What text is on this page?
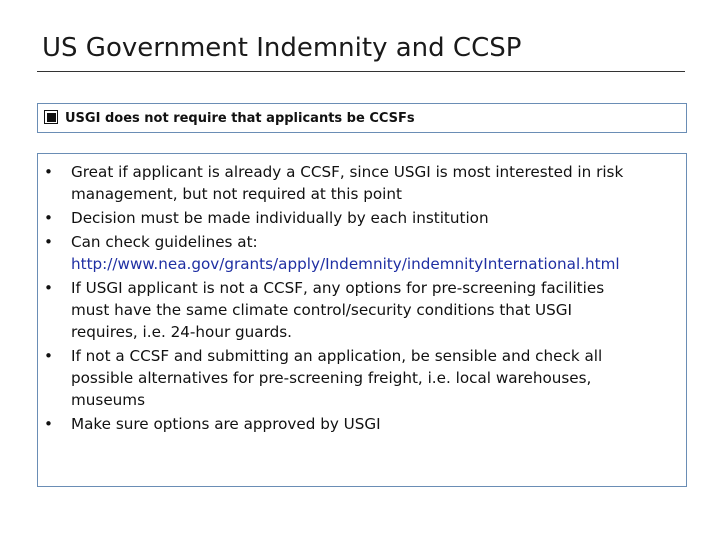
US Government Indemnity and CCSP
USGI does not require that applicants be CCSFs
•	Great if applicant is already a CCSF, since USGI is most interested in risk
management, but not required at this point
•	Decision must be made individually by each institution
•	Can check guidelines at:
http://www.nea.gov/grants/apply/Indemnity/indemnityInternational.html
•	If USGI applicant is not a CCSF, any options for pre-screening facilities
must have the same climate control/security conditions that USGI
requires, i.e. 24-hour guards.
•	If not a CCSF and submitting an application, be sensible and check all
possible alternatives for pre-screening freight, i.e. local warehouses,
museums
•	Make sure options are approved by USGI
